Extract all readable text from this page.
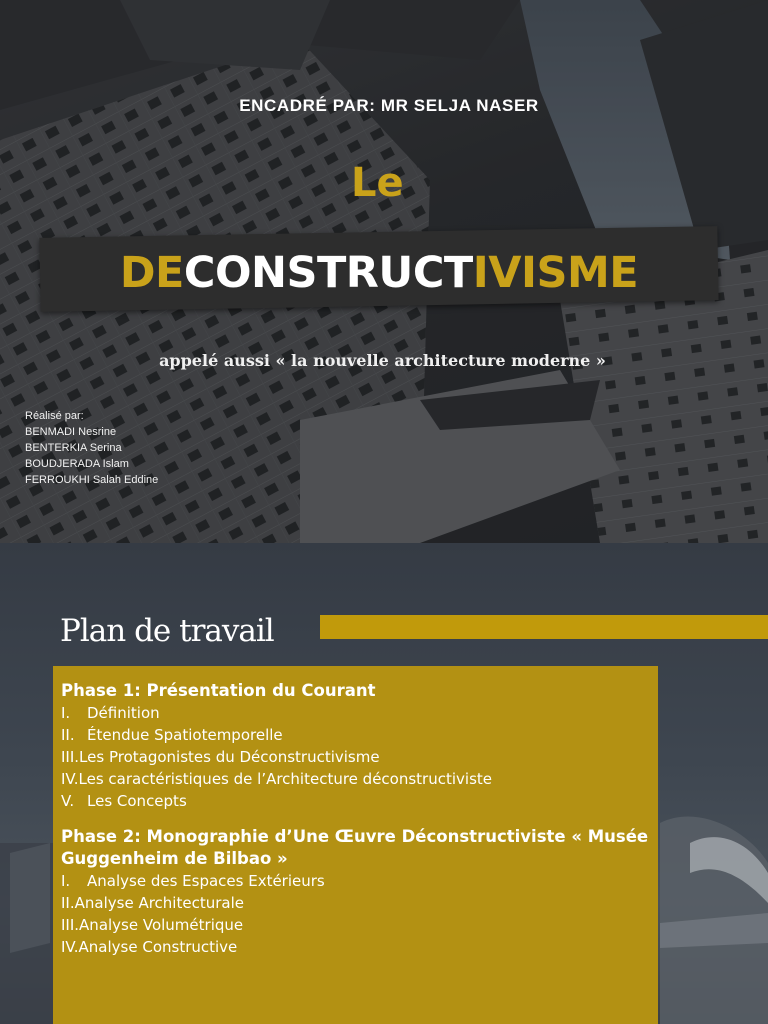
ENCADRÉ PAR: MR SELJA NASER
Le
DECONSTRUCTIVISME
appelé aussi « la nouvelle architecture moderne »
Réalisé par:
BENMADI Nesrine
BENTERKIA Serina
BOUDJERADA Islam
FERROUKHI Salah Eddine
Plan de travail
Phase 1: Présentation du Courant
I. Définition
II. Étendue Spatiotemporelle
III.Les Protagonistes du Déconstructivisme
IV.Les caractéristiques de l’Architecture déconstructiviste
V. Les Concepts
Phase 2: Monographie d’Une Œuvre Déconstructiviste « Musée Guggenheim de Bilbao »
I. Analyse des Espaces Extérieurs
II.Analyse Architecturale
III.Analyse Volumétrique
IV.Analyse Constructive
